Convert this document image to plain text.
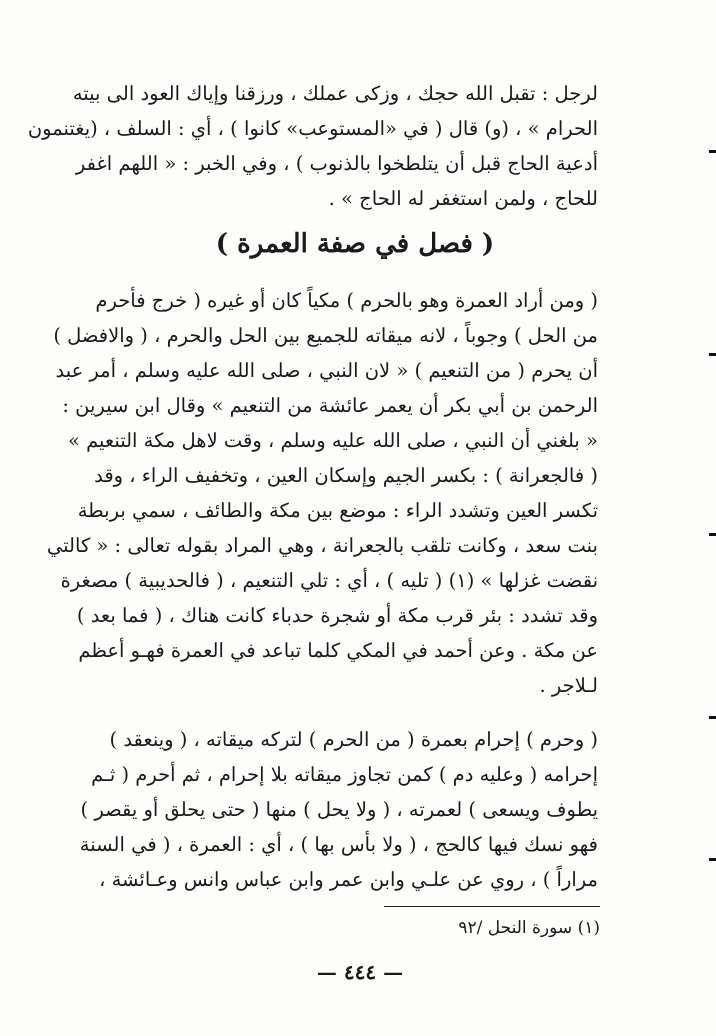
لرجل : تقبل الله حجك ، وزكى عملك ، ورزقنا وإياك العود الى بيته
الحرام » ، (و) قال ( في «المستوعب» كانوا ) ، أي : السلف ، (يغتنمون
أدعية الحاج قبل أن يتلطخوا بالذنوب ) ، وفي الخبر : « اللهم اغفر
للحاج ، ولمن استغفر له الحاج » .
( فصل في صفة العمرة )
( ومن أراد العمرة وهو بالحرم ) مكياً كان أو غيره ( خرج فأحرم
من الحل ) وجوباً ، لانه ميقاته للجميع بين الحل والحرم ، ( والافضل )
أن يحرم ( من التنعيم ) « لان النبي ، صلى الله عليه وسلم ، أمر عبد
الرحمن بن أبي بكر أن يعمر عائشة من التنعيم » وقال ابن سيرين :
« بلغني أن النبي ، صلى الله عليه وسلم ، وقت لاهل مكة التنعيم »
( فالجعرانة ) : بكسر الجيم وإسكان العين ، وتخفيف الراء ، وقد
تكسر العين وتشدد الراء : موضع بين مكة والطائف ، سمي بربطة
بنت سعد ، وكانت تلقب بالجعرانة ، وهي المراد بقوله تعالى : « كالتي
نقضت غزلها » (١) ( تليه ) ، أي : تلي التنعيم ، ( فالحديبية ) مصغرة
وقد تشدد : بئر قرب مكة أو شجرة حدباء كانت هناك ، ( فما بعد )
عن مكة . وعن أحمد في المكي كلما تباعد في العمرة فهـو أعظم
لـلاجر .
( وحرم ) إحرام بعمرة ( من الحرم ) لتركه ميقاته ، ( وينعقد )
إحرامه ( وعليه دم ) كمن تجاوز ميقاته بلا إحرام ، ثم أحرم ( ثـم
يطوف ويسعى ) لعمرته ، ( ولا يحل ) منها ( حتى يحلق أو يقصر )
فهو نسك فيها كالحج ، ( ولا بأس بها ) ، أي : العمرة ، ( في السنة
مراراً ) ، روي عن علـي وابن عمر وابن عباس وانس وعـائشة ،
(١) سورة النحل /٩٢
— ٤٤٤ —
